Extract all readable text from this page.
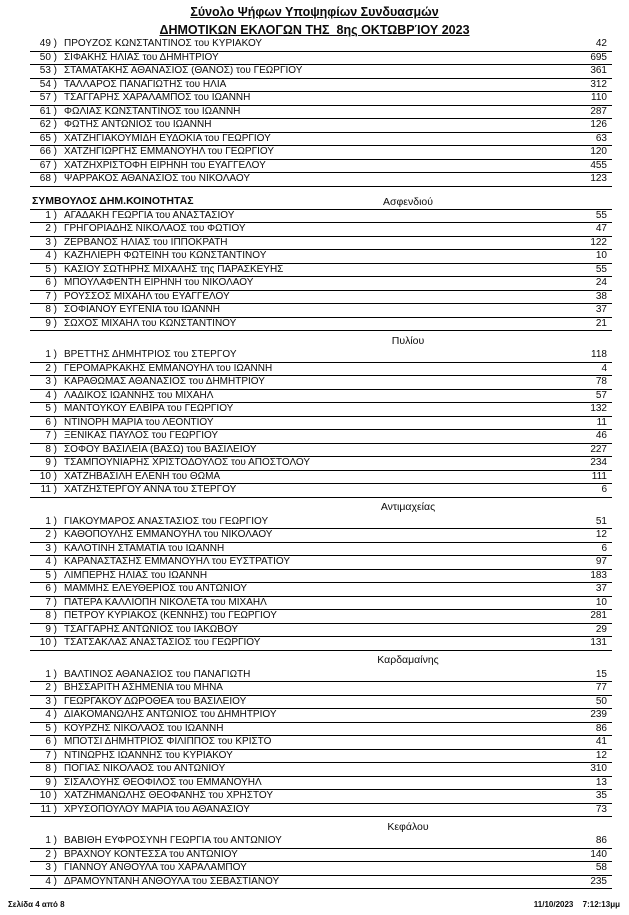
Σύνολο Ψήφων Υποψηφίων Συνδυασμών
ΔΗΜΟΤΙΚΩΝ ΕΚΛΟΓΩΝ ΤΗΣ  8ης ΟΚΤΩΒΡΊΟΥ 2023
49 ) ΠΡΟΥΖΟΣ ΚΩΝΣΤΑΝΤΙΝΟΣ του ΚΥΡΙΑΚΟΥ	42
50 ) ΣΙΦΑΚΗΣ ΗΛΙΑΣ του ΔΗΜΗΤΡΙΟΥ	695
53 ) ΣΤΑΜΑΤΑΚΗΣ ΑΘΑΝΑΣΙΟΣ (ΘΑΝΟΣ) του ΓΕΩΡΓΙΟΥ	361
54 ) ΤΑΛΛΑΡΟΣ ΠΑΝΑΓΙΩΤΗΣ του ΗΛΙΑ	312
57 ) ΤΣΑΓΓΑΡΗΣ ΧΑΡΑΛΑΜΠΟΣ του ΙΩΑΝΝΗ	110
61 ) ΦΩΛΙΑΣ ΚΩΝΣΤΑΝΤΙΝΟΣ του ΙΩΑΝΝΗ	287
62 ) ΦΩΤΗΣ ΑΝΤΩΝΙΟΣ του ΙΩΑΝΝΗ	126
65 ) ΧΑΤΖΗΓΙΑΚΟΥΜΙΔΗ ΕΥΔΟΚΙΑ του ΓΕΩΡΓΙΟΥ	63
66 ) ΧΑΤΖΗΓΙΩΡΓΗΣ ΕΜΜΑΝΟΥΗΛ του ΓΕΩΡΓΙΟΥ	120
67 ) ΧΑΤΖΗΧΡΙΣΤΟΦΗ ΕΙΡΗΝΗ του ΕΥΑΓΓΕΛΟΥ	455
68 ) ΨΑΡΡΑΚΟΣ ΑΘΑΝΑΣΙΟΣ του ΝΙΚΟΛΑΟΥ	123
ΣΥΜΒΟΥΛΟΣ ΔΗΜ.ΚΟΙΝΟΤΗΤΑΣ	Ασφενδιού
1 ) ΑΓΑΔΑΚΗ ΓΕΩΡΓΙΑ του ΑΝΑΣΤΑΣΙΟΥ	55
2 ) ΓΡΗΓΟΡΙΑΔΗΣ ΝΙΚΟΛΑΟΣ του ΦΩΤΙΟΥ	47
3 ) ΖΕΡΒΑΝΟΣ ΗΛΙΑΣ του ΙΠΠΟΚΡΑΤΗ	122
4 ) ΚΑΖΗΛΙΕΡΗ ΦΩΤΕΙΝΗ του ΚΩΝΣΤΑΝΤΙΝΟΥ	10
5 ) ΚΑΣΙΟΥ ΣΩΤΗΡΗΣ ΜΙΧΑΛΗΣ της ΠΑΡΑΣΚΕΥΗΣ	55
6 ) ΜΠΟΥΛΑΦΕΝΤΗ ΕΙΡΗΝΗ του ΝΙΚΟΛΑΟΥ	24
7 ) ΡΟΥΣΣΟΣ ΜΙΧΑΗΛ του ΕΥΑΓΓΕΛΟΥ	38
8 ) ΣΟΦΙΑΝΟΥ ΕΥΓΕΝΙΑ του ΙΩΑΝΝΗ	37
9 ) ΣΩΧΟΣ ΜΙΧΑΗΛ του ΚΩΝΣΤΑΝΤΙΝΟΥ	21
Πυλίου
1 ) ΒΡΕΤΤΗΣ ΔΗΜΗΤΡΙΟΣ του ΣΤΕΡΓΟΥ	118
2 ) ΓΕΡΟΜΑΡΚΑΚΗΣ ΕΜΜΑΝΟΥΗΛ του ΙΩΑΝΝΗ	4
3 ) ΚΑΡΑΘΩΜΑΣ ΑΘΑΝΑΣΙΟΣ του ΔΗΜΗΤΡΙΟΥ	78
4 ) ΛΑΔΙΚΟΣ ΙΩΑΝΝΗΣ του ΜΙΧΑΗΛ	57
5 ) ΜΑΝΤΟΥΚΟΥ ΕΛΒΙΡΑ του ΓΕΩΡΓΙΟΥ	132
6 ) ΝΤΙΝΟΡΗ ΜΑΡΙΑ του ΛΕΟΝΤΙΟΥ	11
7 ) ΞΕΝΙΚΑΣ ΠΑΥΛΟΣ του ΓΕΩΡΓΙΟΥ	46
8 ) ΣΟΦΟΥ ΒΑΣΙΛΕΙΑ (ΒΑΣΩ) του ΒΑΣΙΛΕΙΟΥ	227
9 ) ΤΣΑΜΠΟΥΝΙΑΡΗΣ ΧΡΙΣΤΟΔΟΥΛΟΣ του ΑΠΟΣΤΟΛΟΥ	234
10 ) ΧΑΤΖΗΒΑΣΙΛΗ ΕΛΕΝΗ του ΘΩΜΑ	111
11 ) ΧΑΤΖΗΣΤΕΡΓΟΥ ΑΝΝΑ του ΣΤΕΡΓΟΥ	6
Αντιμαχείας
1 ) ΓΙΑΚΟΥΜΑΡΟΣ ΑΝΑΣΤΑΣΙΟΣ του ΓΕΩΡΓΙΟΥ	51
2 ) ΚΑΘΟΠΟΥΛΗΣ ΕΜΜΑΝΟΥΗΛ του ΝΙΚΟΛΑΟΥ	12
3 ) ΚΑΛΟΤΙΝΗ ΣΤΑΜΑΤΙΑ του ΙΩΑΝΝΗ	6
4 ) ΚΑΡΑΝΑΣΤΑΣΗΣ ΕΜΜΑΝΟΥΗΛ του ΕΥΣΤΡΑΤΙΟΥ	97
5 ) ΛΙΜΠΕΡΗΣ ΗΛΙΑΣ του ΙΩΑΝΝΗ	183
6 ) ΜΑΜΜΗΣ ΕΛΕΥΘΕΡΙΟΣ του ΑΝΤΩΝΙΟΥ	37
7 ) ΠΑΤΕΡΑ ΚΑΛΛΙΟΠΗ ΝΙΚΟΛΕΤΑ του ΜΙΧΑΗΛ	10
8 ) ΠΕΤΡΟΥ ΚΥΡΙΑΚΟΣ (ΚΕΝΝΗΣ) του ΓΕΩΡΓΙΟΥ	281
9 ) ΤΣΑΓΓΑΡΗΣ ΑΝΤΩΝΙΟΣ του ΙΑΚΩΒΟΥ	29
10 ) ΤΣΑΤΣΑΚΛΑΣ ΑΝΑΣΤΑΣΙΟΣ του ΓΕΩΡΓΙΟΥ	131
Καρδαμαίνης
1 ) ΒΑΛΤΙΝΟΣ ΑΘΑΝΑΣΙΟΣ του ΠΑΝΑΓΙΩΤΗ	15
2 ) ΒΗΣΣΑΡΙΤΗ ΑΣΗΜΕΝΙΑ του ΜΗΝΑ	77
3 ) ΓΕΩΡΓΑΚΟΥ ΔΩΡΟΘΕΑ του ΒΑΣΙΛΕΙΟΥ	50
4 ) ΔΙΑΚΟΜΑΝΩΛΗΣ ΑΝΤΩΝΙΟΣ του ΔΗΜΗΤΡΙΟΥ	239
5 ) ΚΟΥΡΖΗΣ ΝΙΚΟΛΑΟΣ του ΙΩΑΝΝΗ	86
6 ) ΜΠΟΤΣΙ ΔΗΜΗΤΡΙΟΣ ΦΙΛΙΠΠΟΣ του ΚΡΙΣΤΟ	41
7 ) ΝΤΙΝΩΡΗΣ ΙΩΑΝΝΗΣ του ΚΥΡΙΑΚΟΥ	12
8 ) ΠΟΓΙΑΣ ΝΙΚΟΛΑΟΣ του ΑΝΤΩΝΙΟΥ	310
9 ) ΣΙΣΑΛΟΥΗΣ ΘΕΟΦΙΛΟΣ του ΕΜΜΑΝΟΥΗΛ	13
10 ) ΧΑΤΖΗΜΑΝΩΛΗΣ ΘΕΟΦΑΝΗΣ του ΧΡΗΣΤΟΥ	35
11 ) ΧΡΥΣΟΠΟΥΛΟΥ ΜΑΡΙΑ του ΑΘΑΝΑΣΙΟΥ	73
Κεφάλου
1 ) ΒΑΒΙΘΗ ΕΥΦΡΟΣΥΝΗ ΓΕΩΡΓΙΑ του ΑΝΤΩΝΙΟΥ	86
2 ) ΒΡΑΧΝΟΥ ΚΟΝΤΕΣΣΑ του ΑΝΤΩΝΙΟΥ	140
3 ) ΓΙΑΝΝΟΥ ΑΝΘΟΥΛΑ του ΧΑΡΑΛΑΜΠΟΥ	58
4 ) ΔΡΑΜΟΥΝΤΑΝΗ ΑΝΘΟΥΛΑ του ΣΕΒΑΣΤΙΑΝΟΥ	235
Σελίδα 4 από 8	11/10/2023 7:12:13μμ
